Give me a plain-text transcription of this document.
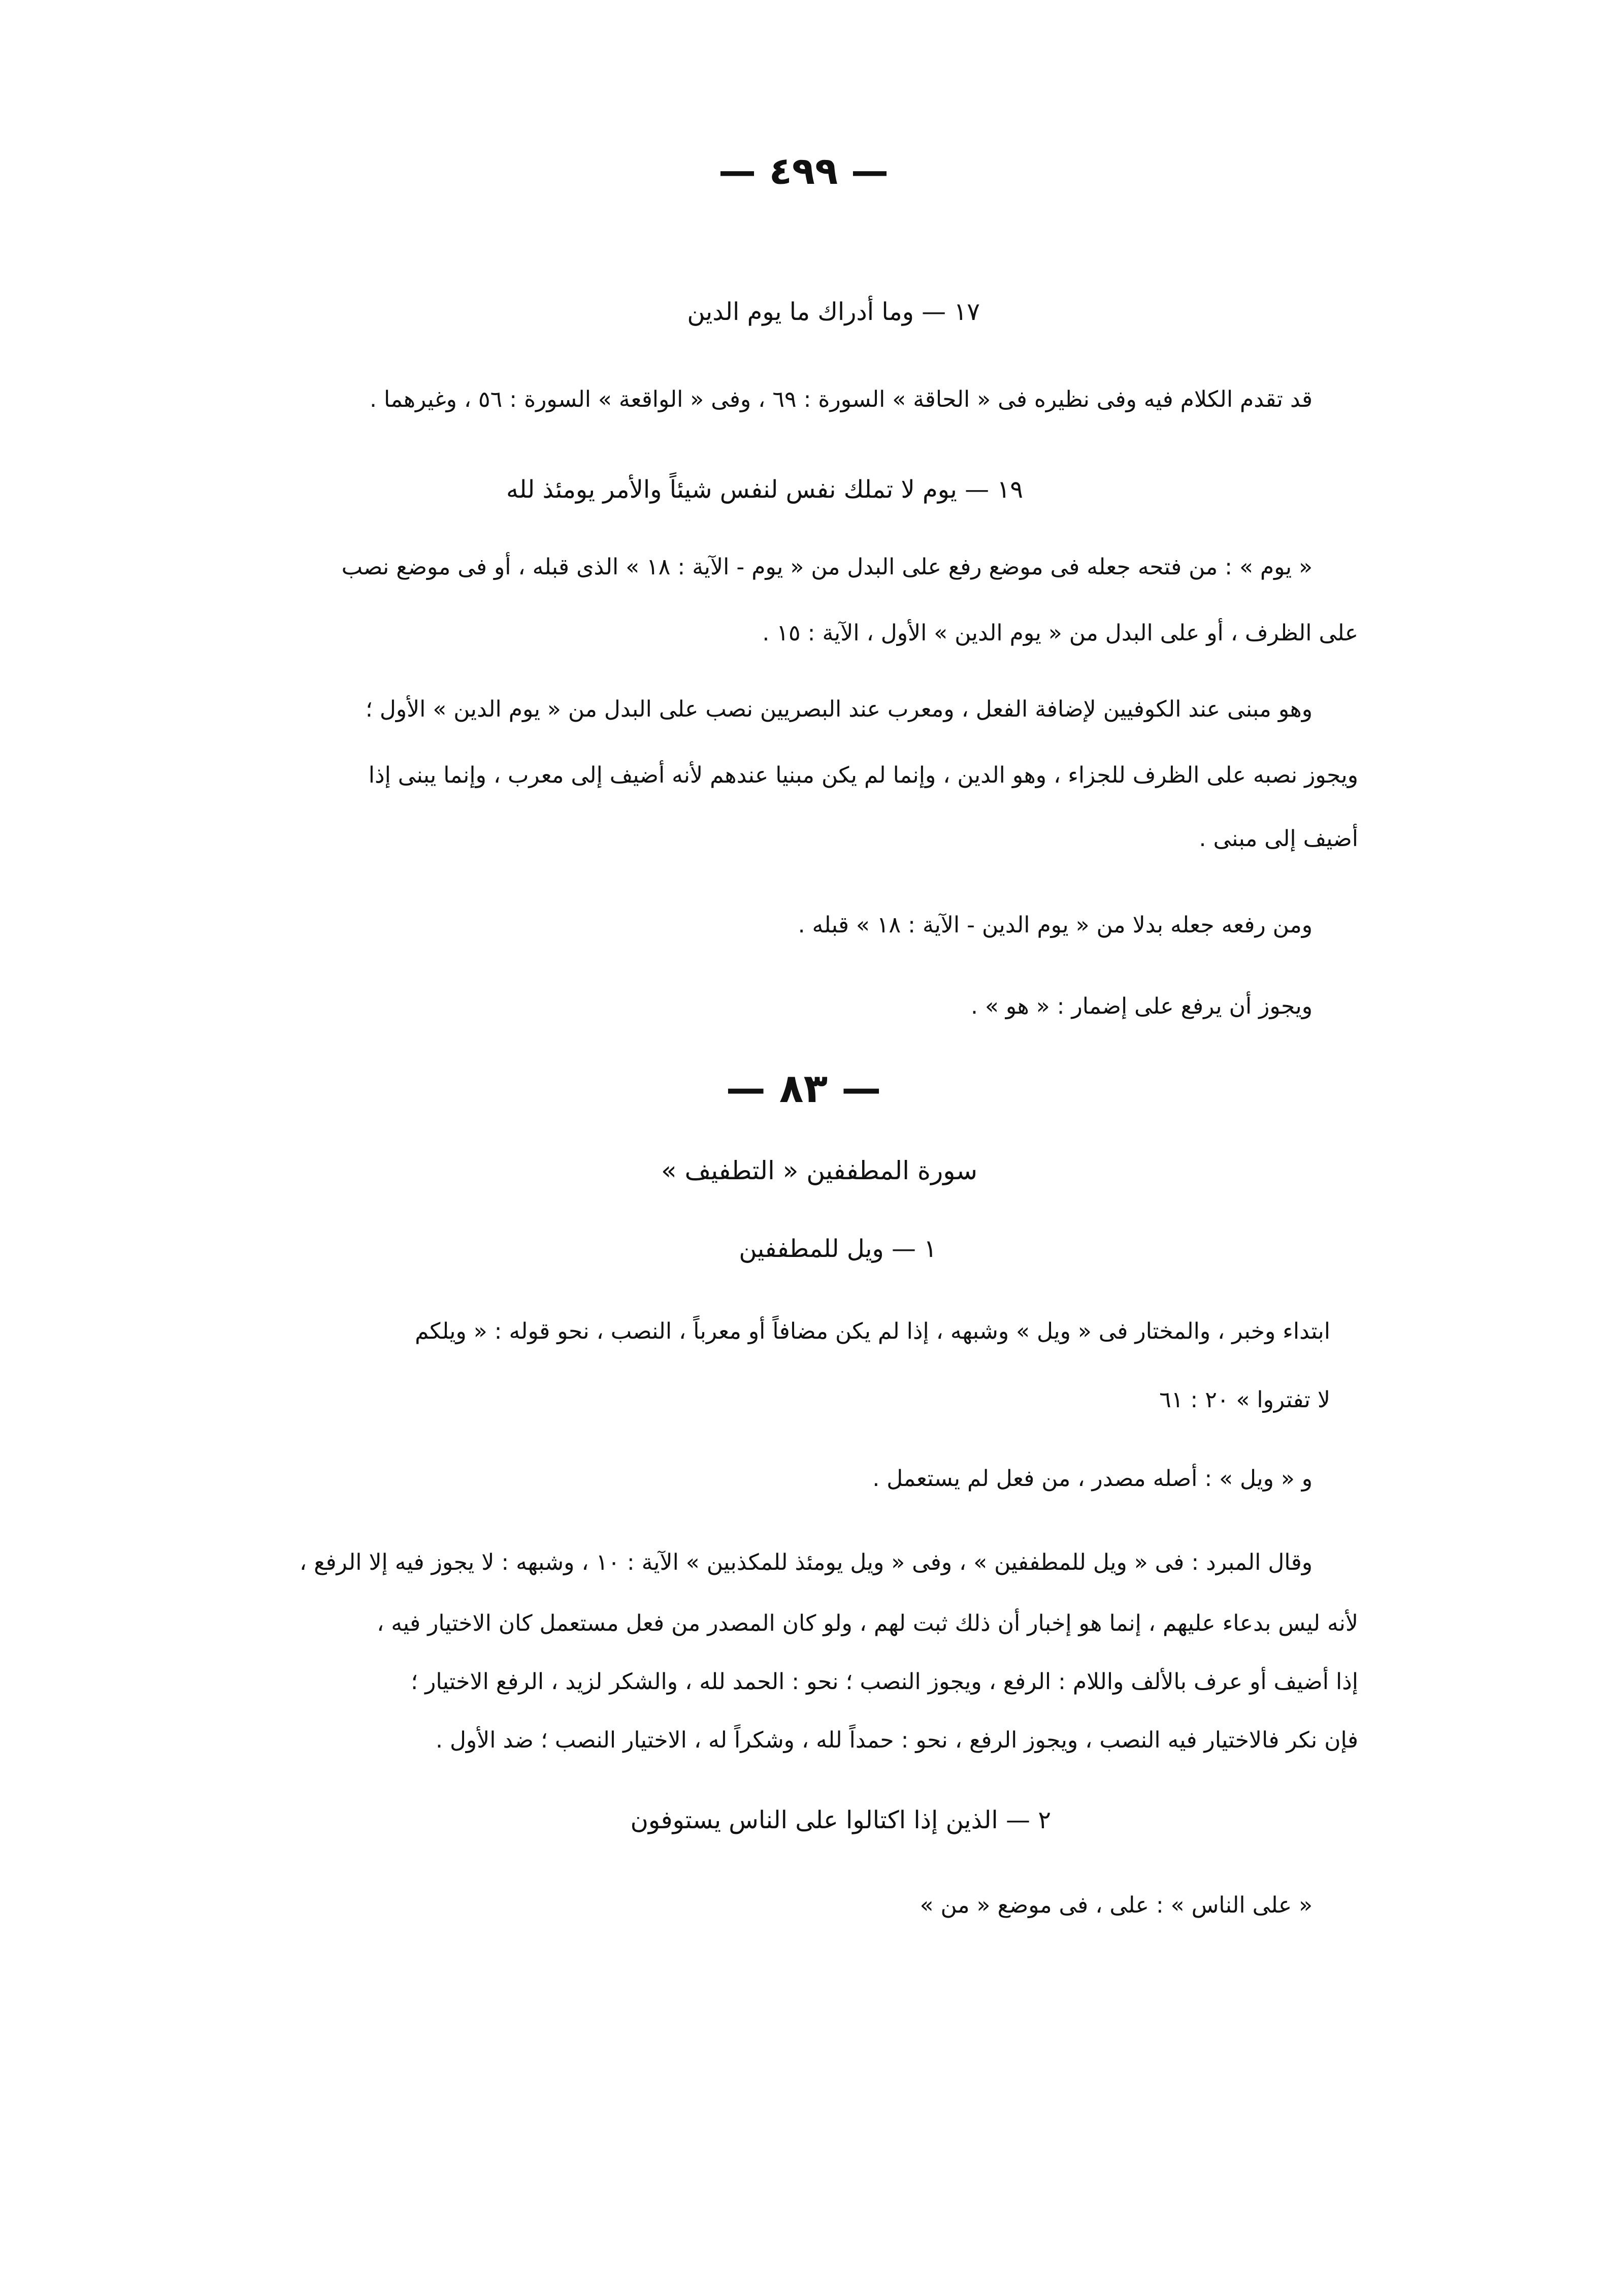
— ٤٩٩ —
١٧ — وما أدراك ما يوم الدين
قد تقدم الكلام فيه وفى نظيره فى « الحاقة » السورة : ٦٩ ، وفى « الواقعة » السورة : ٥٦ ، وغيرهما .
١٩ — يوم لا تملك نفس لنفس شيئاً والأمر يومئذ لله
« يوم » : من فتحه جعله فى موضع رفع على البدل من « يوم - الآية : ١٨ » الذى قبله ، أو فى موضع نصب
على الظرف ، أو على البدل من « يوم الدين » الأول ، الآية : ١٥ .
وهو مبنى عند الكوفيين لإضافة الفعل ، ومعرب عند البصريين نصب على البدل من « يوم الدين » الأول ؛
ويجوز نصبه على الظرف للجزاء ، وهو الدين ، وإنما لم يكن مبنيا عندهم لأنه أضيف إلى معرب ، وإنما يبنى إذا
أضيف إلى مبنى .
ومن رفعه جعله بدلا من « يوم الدين - الآية : ١٨ » قبله .
ويجوز أن يرفع على إضمار : « هو » .
— ٨٣ —
سورة المطففين « التطفيف »
١ — ويل للمطففين
ابتداء وخبر ، والمختار فى « ويل » وشبهه ، إذا لم يكن مضافاً أو معرباً ، النصب ، نحو قوله : « ويلكم
لا تفتروا » ٢٠ : ٦١
و « ويل » : أصله مصدر ، من فعل لم يستعمل .
وقال المبرد : فى « ويل للمطففين » ، وفى « ويل يومئذ للمكذبين » الآية : ١٠ ، وشبهه : لا يجوز فيه إلا الرفع ،
لأنه ليس بدعاء عليهم ، إنما هو إخبار أن ذلك ثبت لهم ، ولو كان المصدر من فعل مستعمل كان الاختيار فيه ،
إذا أضيف أو عرف بالألف واللام : الرفع ، ويجوز النصب ؛ نحو : الحمد لله ، والشكر لزيد ، الرفع الاختيار ؛
فإن نكر فالاختيار فيه النصب ، ويجوز الرفع ، نحو : حمداً لله ، وشكراً له ، الاختيار النصب ؛ ضد الأول .
٢ — الذين إذا اكتالوا على الناس يستوفون
« على الناس » : على ، فى موضع « من »
